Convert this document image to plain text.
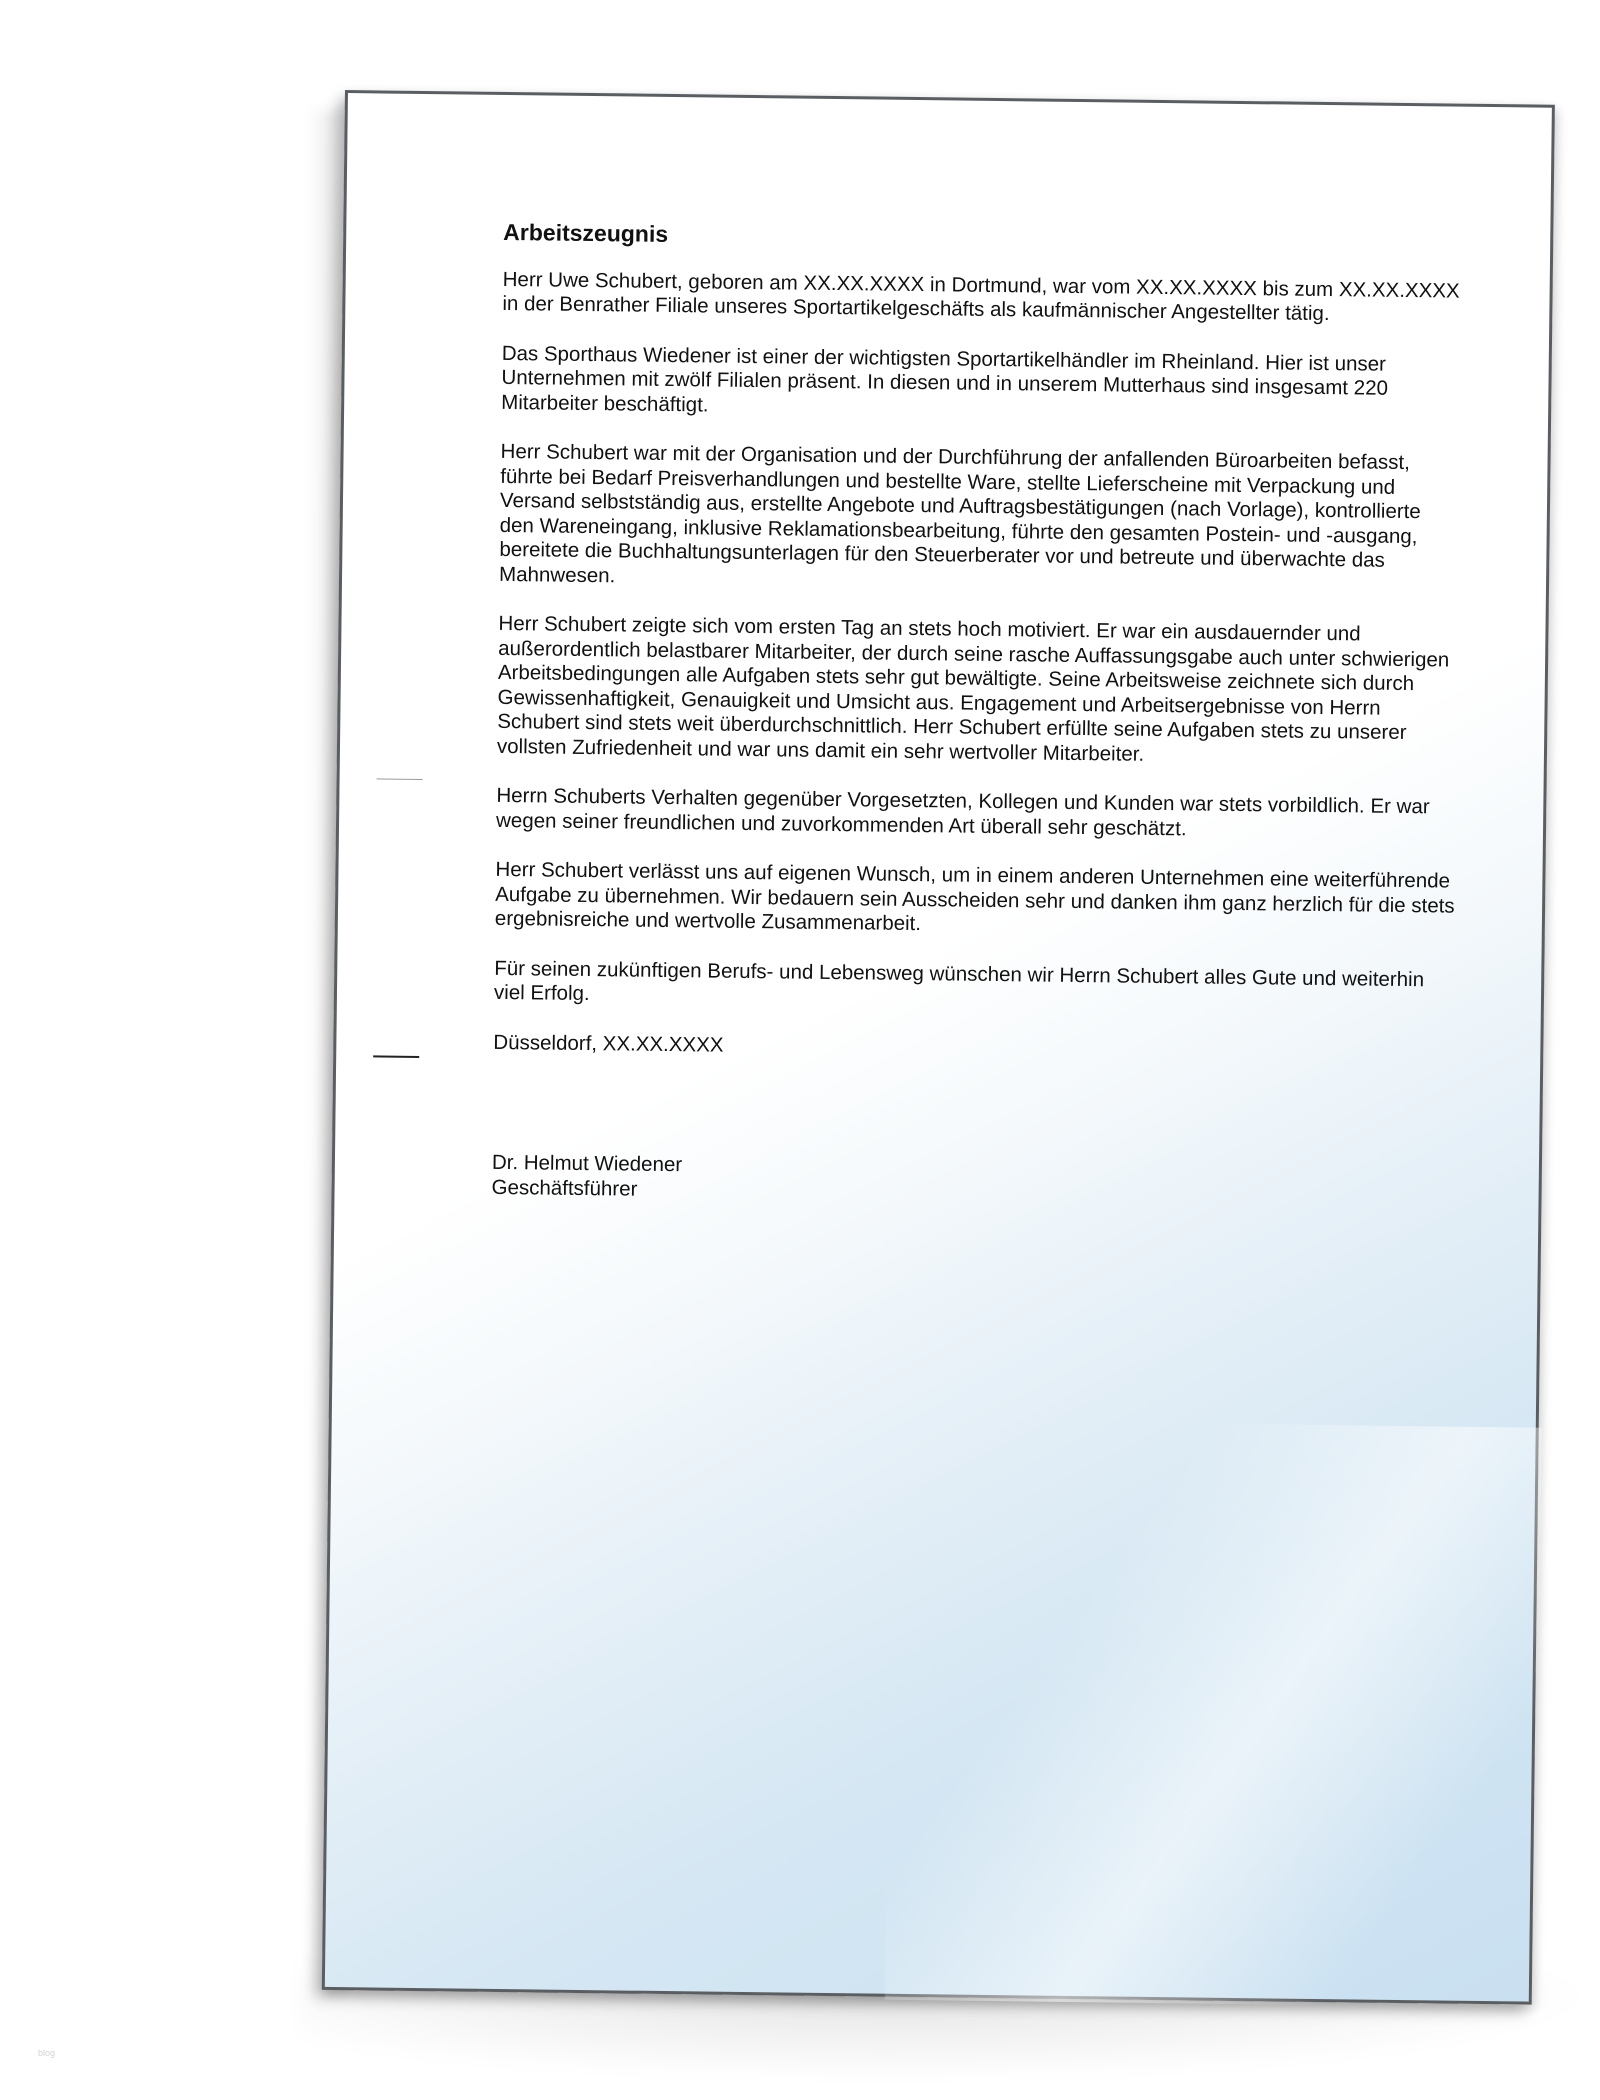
Arbeitszeugnis

Herr Uwe Schubert, geboren am XX.XX.XXXX in Dortmund, war vom XX.XX.XXXX bis zum XX.XX.XXXX in der Benrather Filiale unseres Sportartikelgeschäfts als kaufmännischer Angestellter tätig.

Das Sporthaus Wiedener ist einer der wichtigsten Sportartikelhändler im Rheinland. Hier ist unser Unternehmen mit zwölf Filialen präsent. In diesen und in unserem Mutterhaus sind insgesamt 220 Mitarbeiter beschäftigt.

Herr Schubert war mit der Organisation und der Durchführung der anfallenden Büroarbeiten befasst, führte bei Bedarf Preisverhandlungen und bestellte Ware, stellte Lieferscheine mit Verpackung und Versand selbstständig aus, erstellte Angebote und Auftragsbestätigungen (nach Vorlage), kontrollierte den Wareneingang, inklusive Reklamationsbearbeitung, führte den gesamten Postein- und -ausgang, bereitete die Buchhaltungsunterlagen für den Steuerberater vor und betreute und überwachte das Mahnwesen.

Herr Schubert zeigte sich vom ersten Tag an stets hoch motiviert. Er war ein ausdauernder und außerordentlich belastbarer Mitarbeiter, der durch seine rasche Auffassungsgabe auch unter schwierigen Arbeitsbedingungen alle Aufgaben stets sehr gut bewältigte. Seine Arbeitsweise zeichnete sich durch Gewissenhaftigkeit, Genauigkeit und Umsicht aus. Engagement und Arbeitsergebnisse von Herrn Schubert sind stets weit überdurchschnittlich. Herr Schubert erfüllte seine Aufgaben stets zu unserer vollsten Zufriedenheit und war uns damit ein sehr wertvoller Mitarbeiter.

Herrn Schuberts Verhalten gegenüber Vorgesetzten, Kollegen und Kunden war stets vorbildlich. Er war wegen seiner freundlichen und zuvorkommenden Art überall sehr geschätzt.

Herr Schubert verlässt uns auf eigenen Wunsch, um in einem anderen Unternehmen eine weiterführende Aufgabe zu übernehmen. Wir bedauern sein Ausscheiden sehr und danken ihm ganz herzlich für die stets ergebnisreiche und wertvolle Zusammenarbeit.

Für seinen zukünftigen Berufs- und Lebensweg wünschen wir Herrn Schubert alles Gute und weiterhin viel Erfolg.

Düsseldorf, XX.XX.XXXX

Dr. Helmut Wiedener

Geschäftsführer

blog
